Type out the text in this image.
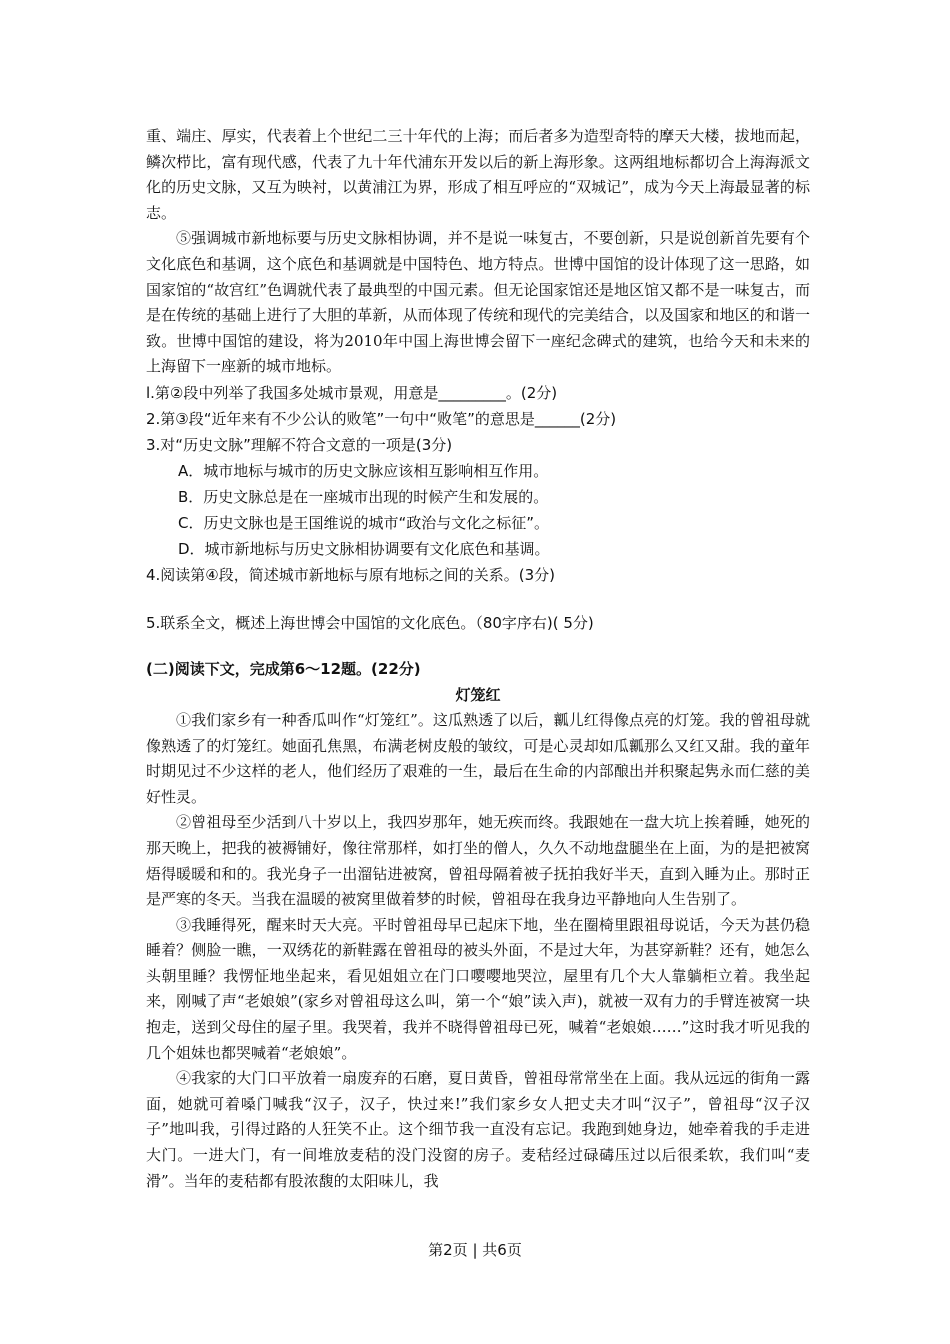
重、端庄、厚实，代表着上个世纪二三十年代的上海；而后者多为造型奇特的摩天大楼，拔地而起，鳞次栉比，富有现代感，代表了九十年代浦东开发以后的新上海形象。这两组地标都切合上海海派文化的历史文脉，又互为映衬，以黄浦江为界，形成了相互呼应的“双城记”，成为今天上海最显著的标志。

⑤强调城市新地标要与历史文脉相协调，并不是说一味复古，不要创新，只是说创新首先要有个文化底色和基调，这个底色和基调就是中国特色、地方特点。世博中国馆的设计体现了这一思路，如国家馆的“故宫红”色调就代表了最典型的中国元素。但无论国家馆还是地区馆又都不是一味复古，而是在传统的基础上进行了大胆的革新，从而体现了传统和现代的完美结合，以及国家和地区的和谐一致。世博中国馆的建设，将为2010年中国上海世博会留下一座纪念碑式的建筑，也给今天和未来的上海留下一座新的城市地标。

l.第②段中列举了我国多处城市景观，用意是_________。(2分)

2.第③段“近年来有不少公认的败笔”一句中“败笔”的意思是______(2分)

3.对“历史文脉”理解不符合文意的一项是(3分)

A．城市地标与城市的历史文脉应该相互影响相互作用。

B．历史文脉总是在一座城市出现的时候产生和发展的。

C．历史文脉也是王国维说的城市“政治与文化之标征”。

D．城市新地标与历史文脉相协调要有文化底色和基调。

4.阅读第④段，简述城市新地标与原有地标之间的关系。(3分)

5.联系全文，概述上海世博会中国馆的文化底色。（80字序右)( 5分)

(二)阅读下文，完成第6～12题。(22分)

灯笼红

①我们家乡有一种香瓜叫作“灯笼红”。这瓜熟透了以后，瓤儿红得像点亮的灯笼。我的曾祖母就像熟透了的灯笼红。她面孔焦黑，布满老树皮般的皱纹，可是心灵却如瓜瓤那么又红又甜。我的童年时期见过不少这样的老人，他们经历了艰难的一生，最后在生命的内部酿出并积聚起隽永而仁慈的美好性灵。

②曾祖母至少活到八十岁以上，我四岁那年，她无疾而终。我跟她在一盘大坑上挨着睡，她死的那天晚上，把我的被褥铺好，像往常那样，如打坐的僧人，久久不动地盘腿坐在上面，为的是把被窝焐得暖暖和和的。我光身子一出溜钻进被窝，曾祖母隔着被子抚拍我好半天，直到入睡为止。那时正是严寒的冬天。当我在温暖的被窝里做着梦的时候，曾祖母在我身边平静地向人生告别了。

③我睡得死，醒来时天大亮。平时曾祖母早已起床下地，坐在圈椅里跟祖母说话，今天为甚仍稳睡着？侧脸一瞧，一双绣花的新鞋露在曾祖母的被头外面，不是过大年，为甚穿新鞋？还有，她怎么头朝里睡？我愣怔地坐起来，看见姐姐立在门口嘤嘤地哭泣，屋里有几个大人靠躺柜立着。我坐起来，刚喊了声“老娘娘”(家乡对曾祖母这么叫，第一个“娘”读入声)，就被一双有力的手臂连被窝一块抱走，送到父母住的屋子里。我哭着，我并不晓得曾祖母已死，喊着“老娘娘……”这时我才听见我的几个姐妹也都哭喊着“老娘娘”。

④我家的大门口平放着一扇废弃的石磨，夏日黄昏，曾祖母常常坐在上面。我从远远的街角一露面，她就可着嗓门喊我“汉子，汉子，快过来!”我们家乡女人把丈夫才叫“汉子”，曾祖母“汉子汉子”地叫我，引得过路的人狂笑不止。这个细节我一直没有忘记。我跑到她身边，她牵着我的手走进大门。一进大门，有一间堆放麦秸的没门没窗的房子。麦秸经过碌碡压过以后很柔软，我们叫“麦滑”。当年的麦秸都有股浓馥的太阳味儿，我

第2页 | 共6页
